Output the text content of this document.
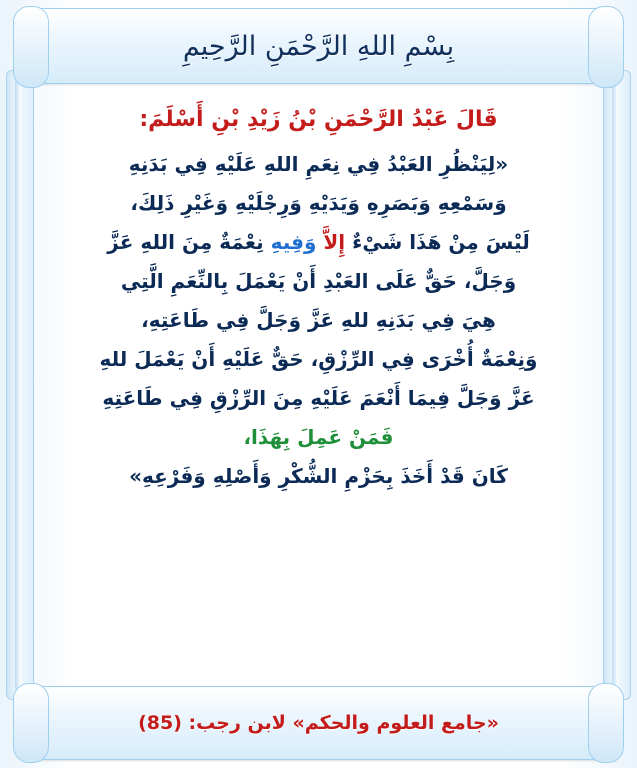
بِسْمِ اللهِ الرَّحْمَنِ الرَّحِيمِ
قَالَ عَبْدُ الرَّحْمَنِ بْنُ زَيْدِ بْنِ أَسْلَمَ:
«لِيَنْظُرِ العَبْدُ فِي نِعَمِ اللهِ عَلَيْهِ فِي بَدَنِهِ
وَسَمْعِهِ وَبَصَرِهِ وَيَدَيْهِ وَرِجْلَيْهِ وَغَيْرِ ذَلِكَ،
لَيْسَ مِنْ هَذَا شَيْءٌ إِلاَّ وَفِيهِ نِعْمَةٌ مِنَ اللهِ عَزَّ
وَجَلَّ، حَقٌّ عَلَى العَبْدِ أَنْ يَعْمَلَ بِالنِّعَمِ الَّتِي
هِيَ فِي بَدَنِهِ للهِ عَزَّ وَجَلَّ فِي طَاعَتِهِ،
وَنِعْمَةٌ أُخْرَى فِي الرِّزْقِ، حَقٌّ عَلَيْهِ أَنْ يَعْمَلَ للهِ
عَزَّ وَجَلَّ فِيمَا أَنْعَمَ عَلَيْهِ مِنَ الرِّزْقِ فِي طَاعَتِهِ
فَمَنْ عَمِلَ بِهَذَا،
كَانَ قَدْ أَخَذَ بِحَزْمِ الشُّكْرِ وَأَصْلِهِ وَفَرْعِهِ»
«جامع العلوم والحكم» لابن رجب: (85)
